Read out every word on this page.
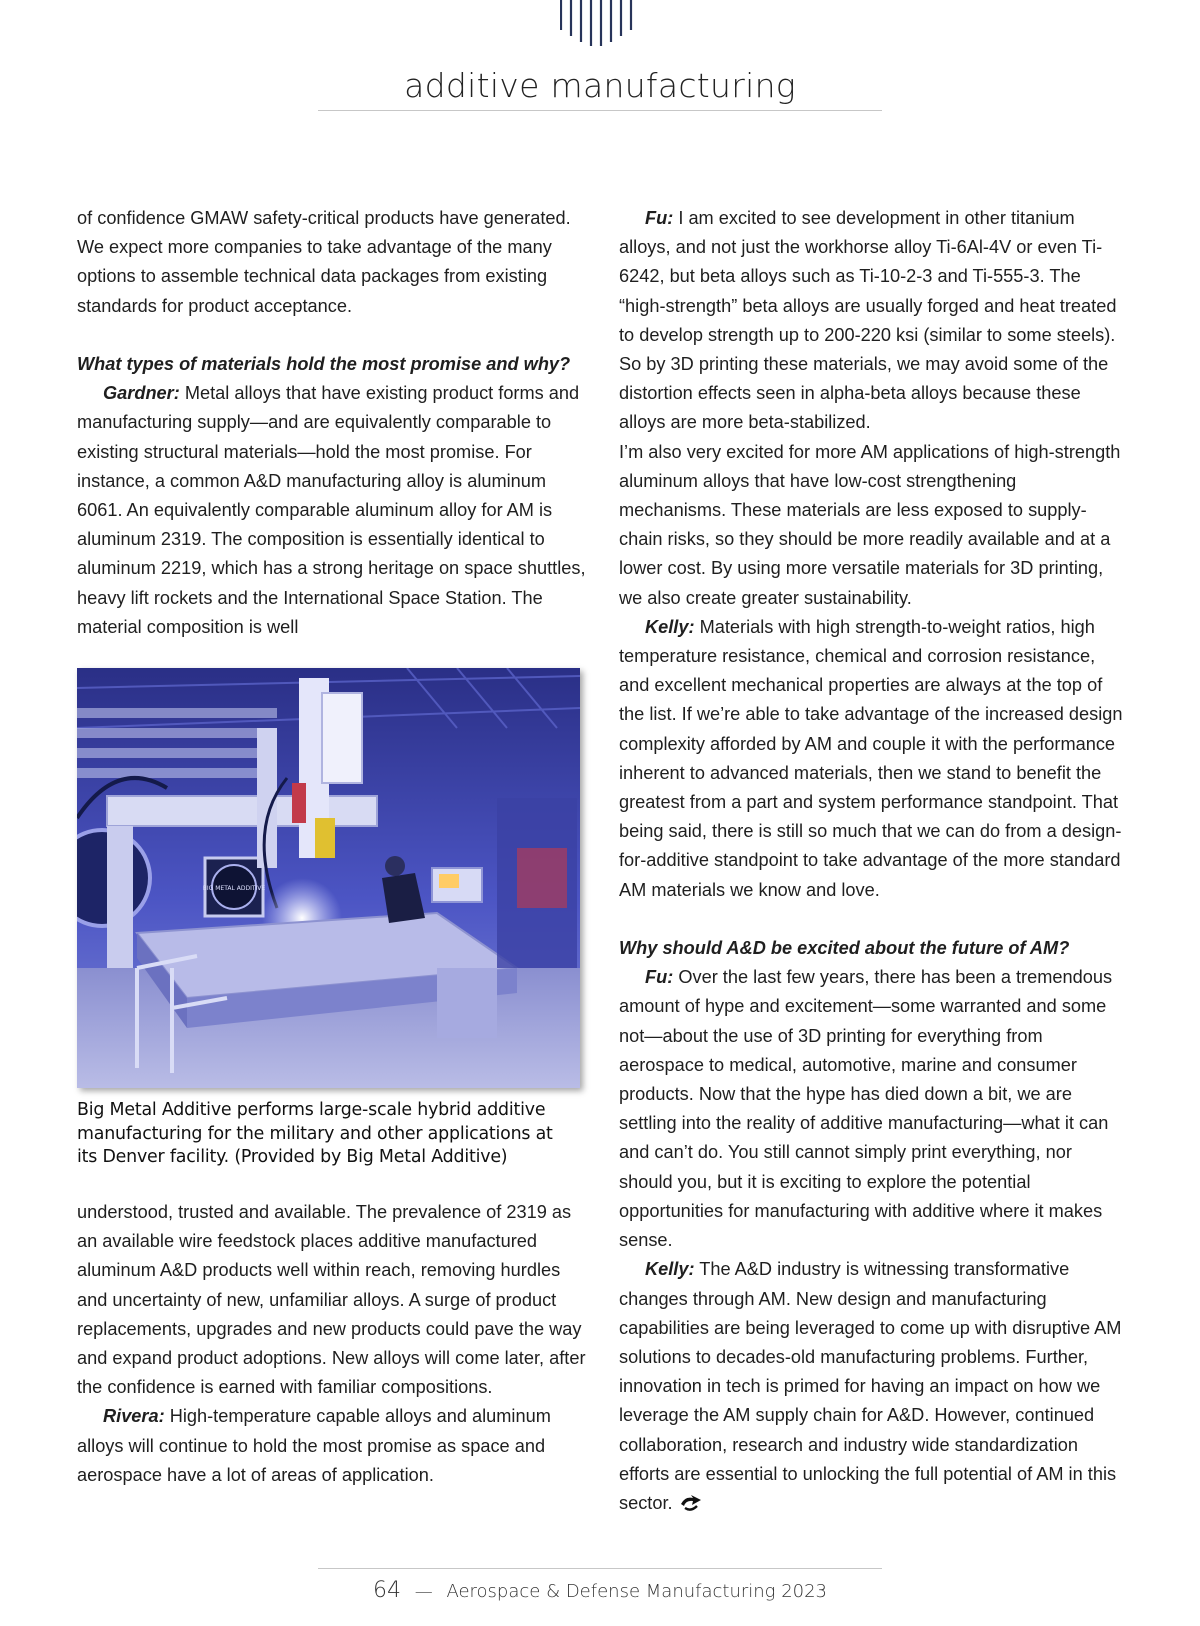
additive manufacturing

of confidence GMAW safety-critical products have generated. We expect more companies to take advantage of the many options to assemble technical data packages from existing standards for product acceptance.

What types of materials hold the most promise and why?

Gardner: Metal alloys that have existing product forms and manufacturing supply—and are equivalently comparable to existing structural materials—hold the most promise. For instance, a common A&D manufacturing alloy is aluminum 6061. An equivalently comparable aluminum alloy for AM is aluminum 2319. The composition is essentially identical to aluminum 2219, which has a strong heritage on space shuttles, heavy lift rockets and the International Space Station. The material composition is well

BIG METAL ADDITIVE
Big Metal Additive performs large-scale hybrid additive manufacturing for the military and other applications at its Denver facility. (Provided by Big Metal Additive)

understood, trusted and available. The prevalence of 2319 as an available wire feedstock places additive manufactured aluminum A&D products well within reach, removing hurdles and uncertainty of new, unfamiliar alloys. A surge of product replacements, upgrades and new products could pave the way and expand product adoptions. New alloys will come later, after the confidence is earned with familiar compositions.

Rivera: High-temperature capable alloys and aluminum alloys will continue to hold the most promise as space and aerospace have a lot of areas of application.

Fu: I am excited to see development in other titanium alloys, and not just the workhorse alloy Ti-6Al-4V or even Ti-6242, but beta alloys such as Ti-10-2-3 and Ti-555-3. The “high-strength” beta alloys are usually forged and heat treated to develop strength up to 200-220 ksi (similar to some steels). So by 3D printing these materials, we may avoid some of the distortion effects seen in alpha-beta alloys because these alloys are more beta-stabilized.

I’m also very excited for more AM applications of high-strength aluminum alloys that have low-cost strengthening mechanisms. These materials are less exposed to supply-chain risks, so they should be more readily available and at a lower cost. By using more versatile materials for 3D printing, we also create greater sustainability.

Kelly: Materials with high strength-to-weight ratios, high temperature resistance, chemical and corrosion resistance, and excellent mechanical properties are always at the top of the list. If we’re able to take advantage of the increased design complexity afforded by AM and couple it with the performance inherent to advanced materials, then we stand to benefit the greatest from a part and system performance standpoint. That being said, there is still so much that we can do from a design-for-additive standpoint to take advantage of the more standard AM materials we know and love.

Why should A&D be excited about the future of AM?

Fu: Over the last few years, there has been a tremendous amount of hype and excitement—some warranted and some not—about the use of 3D printing for everything from aerospace to medical, automotive, marine and consumer products. Now that the hype has died down a bit, we are settling into the reality of additive manufacturing—what it can and can’t do. You still cannot simply print everything, nor should you, but it is exciting to explore the potential opportunities for manufacturing with additive where it makes sense.

Kelly: The A&D industry is witnessing transformative changes through AM. New design and manufacturing capabilities are being leveraged to come up with disruptive AM solutions to decades-old manufacturing problems. Further, innovation in tech is primed for having an impact on how we leverage the AM supply chain for A&D. However, continued collaboration, research and industry wide standardization efforts are essential to unlocking the full potential of AM in this sector.

64 — Aerospace & Defense Manufacturing 2023
